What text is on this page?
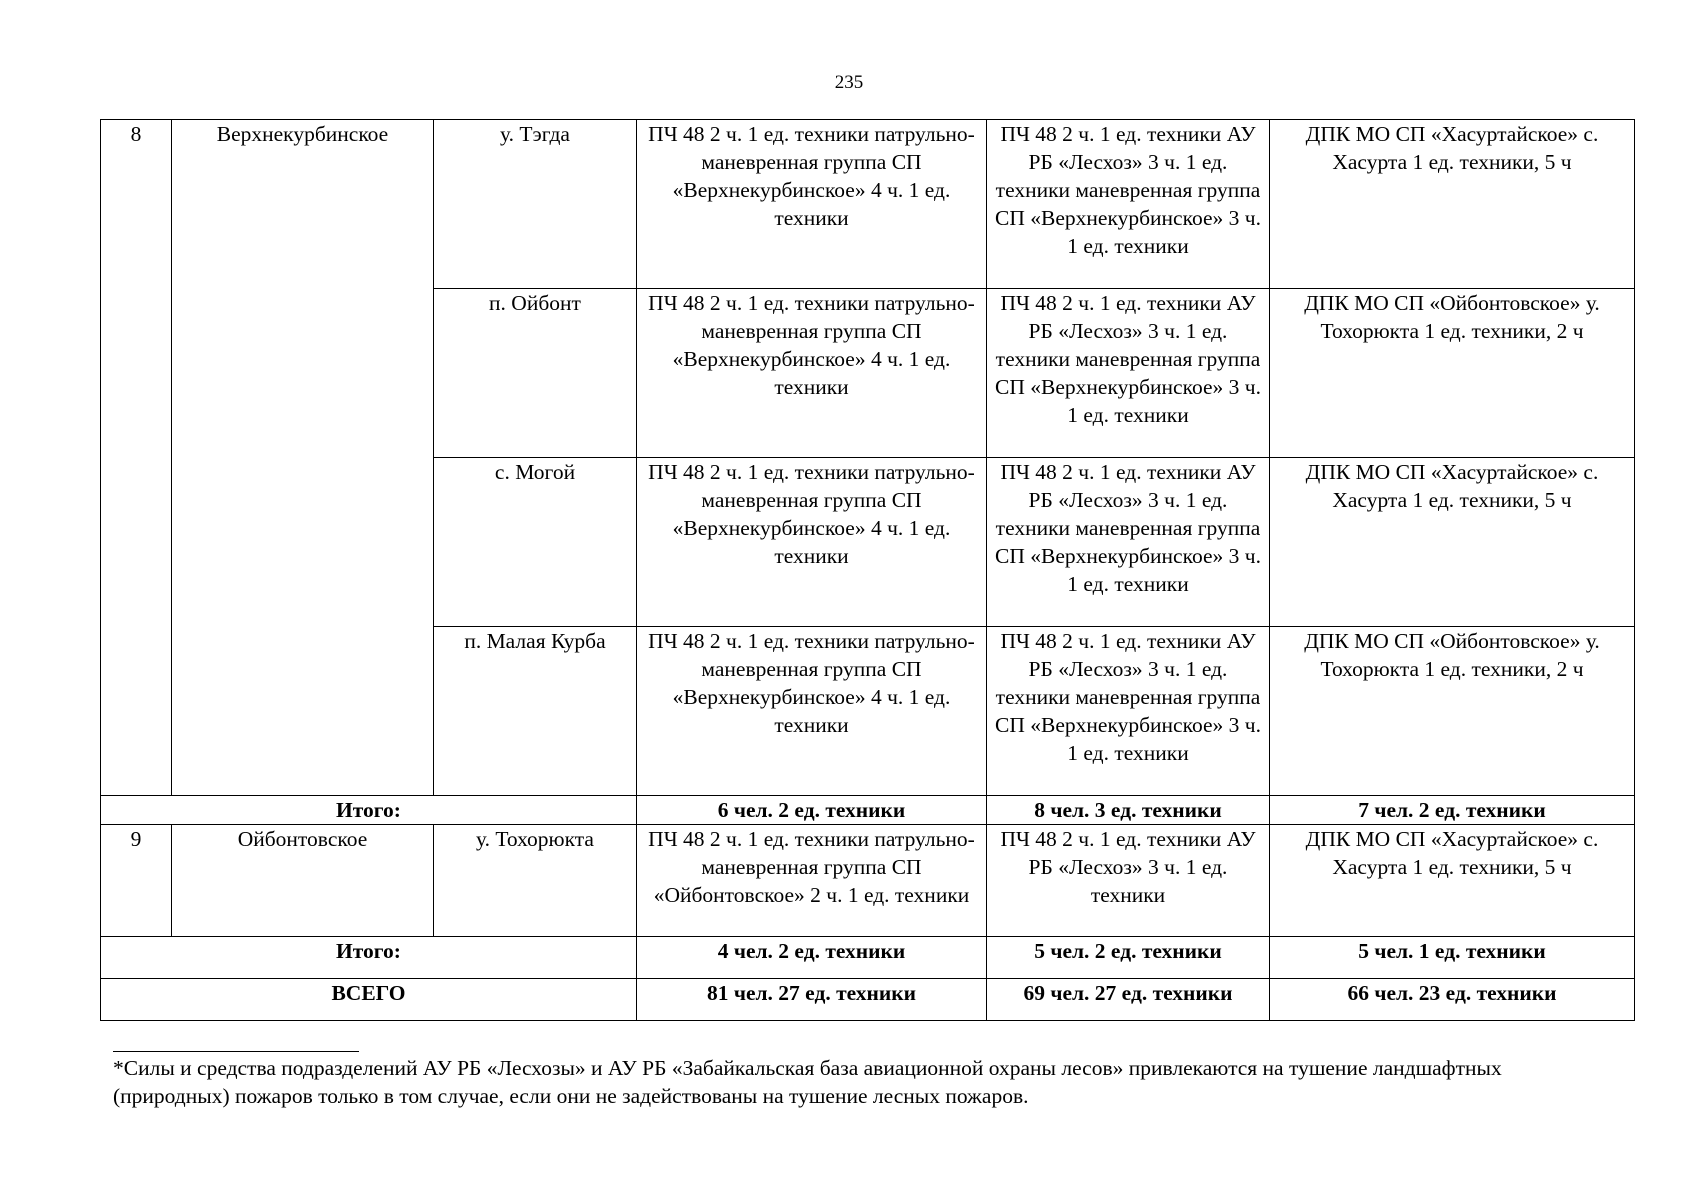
235
8	Верхнекурбинское	у. Тэгда	ПЧ 48 2 ч. 1 ед. техники патрульно-маневренная группа СП «Верхнекурбинское» 4 ч. 1 ед. техники	ПЧ 48 2 ч. 1 ед. техники АУ РБ «Лесхоз» 3 ч. 1 ед. техники маневренная группа СП «Верхнекурбинское» 3 ч. 1 ед. техники	ДПК МО СП «Хасуртайское» с. Хасурта 1 ед. техники, 5 ч
		п. Ойбонт	ПЧ 48 2 ч. 1 ед. техники патрульно-маневренная группа СП «Верхнекурбинское» 4 ч. 1 ед. техники	ПЧ 48 2 ч. 1 ед. техники АУ РБ «Лесхоз» 3 ч. 1 ед. техники маневренная группа СП «Верхнекурбинское» 3 ч. 1 ед. техники	ДПК МО СП «Ойбонтовское» у. Тохорюкта 1 ед. техники, 2 ч
		с. Могой	ПЧ 48 2 ч. 1 ед. техники патрульно-маневренная группа СП «Верхнекурбинское» 4 ч. 1 ед. техники	ПЧ 48 2 ч. 1 ед. техники АУ РБ «Лесхоз» 3 ч. 1 ед. техники маневренная группа СП «Верхнекурбинское» 3 ч. 1 ед. техники	ДПК МО СП «Хасуртайское» с. Хасурта 1 ед. техники, 5 ч
		п. Малая Курба	ПЧ 48 2 ч. 1 ед. техники патрульно-маневренная группа СП «Верхнекурбинское» 4 ч. 1 ед. техники	ПЧ 48 2 ч. 1 ед. техники АУ РБ «Лесхоз» 3 ч. 1 ед. техники маневренная группа СП «Верхнекурбинское» 3 ч. 1 ед. техники	ДПК МО СП «Ойбонтовское» у. Тохорюкта 1 ед. техники, 2 ч
Итого:			6 чел. 2 ед. техники	8 чел. 3 ед. техники	7 чел. 2 ед. техники
9	Ойбонтовское	у. Тохорюкта	ПЧ 48 2 ч. 1 ед. техники патрульно-маневренная группа СП «Ойбонтовское» 2 ч. 1 ед. техники	ПЧ 48 2 ч. 1 ед. техники АУ РБ «Лесхоз» 3 ч. 1 ед. техники	ДПК МО СП «Хасуртайское» с. Хасурта 1 ед. техники, 5 ч
Итого:			4 чел. 2 ед. техники	5 чел. 2 ед. техники	5 чел. 1 ед. техники
ВСЕГО			81 чел. 27 ед. техники	69 чел. 27 ед. техники	66 чел. 23 ед. техники
*Силы и средства подразделений АУ РБ «Лесхозы» и АУ РБ «Забайкальская база авиационной охраны лесов» привлекаются на тушение ландшафтных (природных) пожаров только в том случае, если они не задействованы на тушение лесных пожаров.
